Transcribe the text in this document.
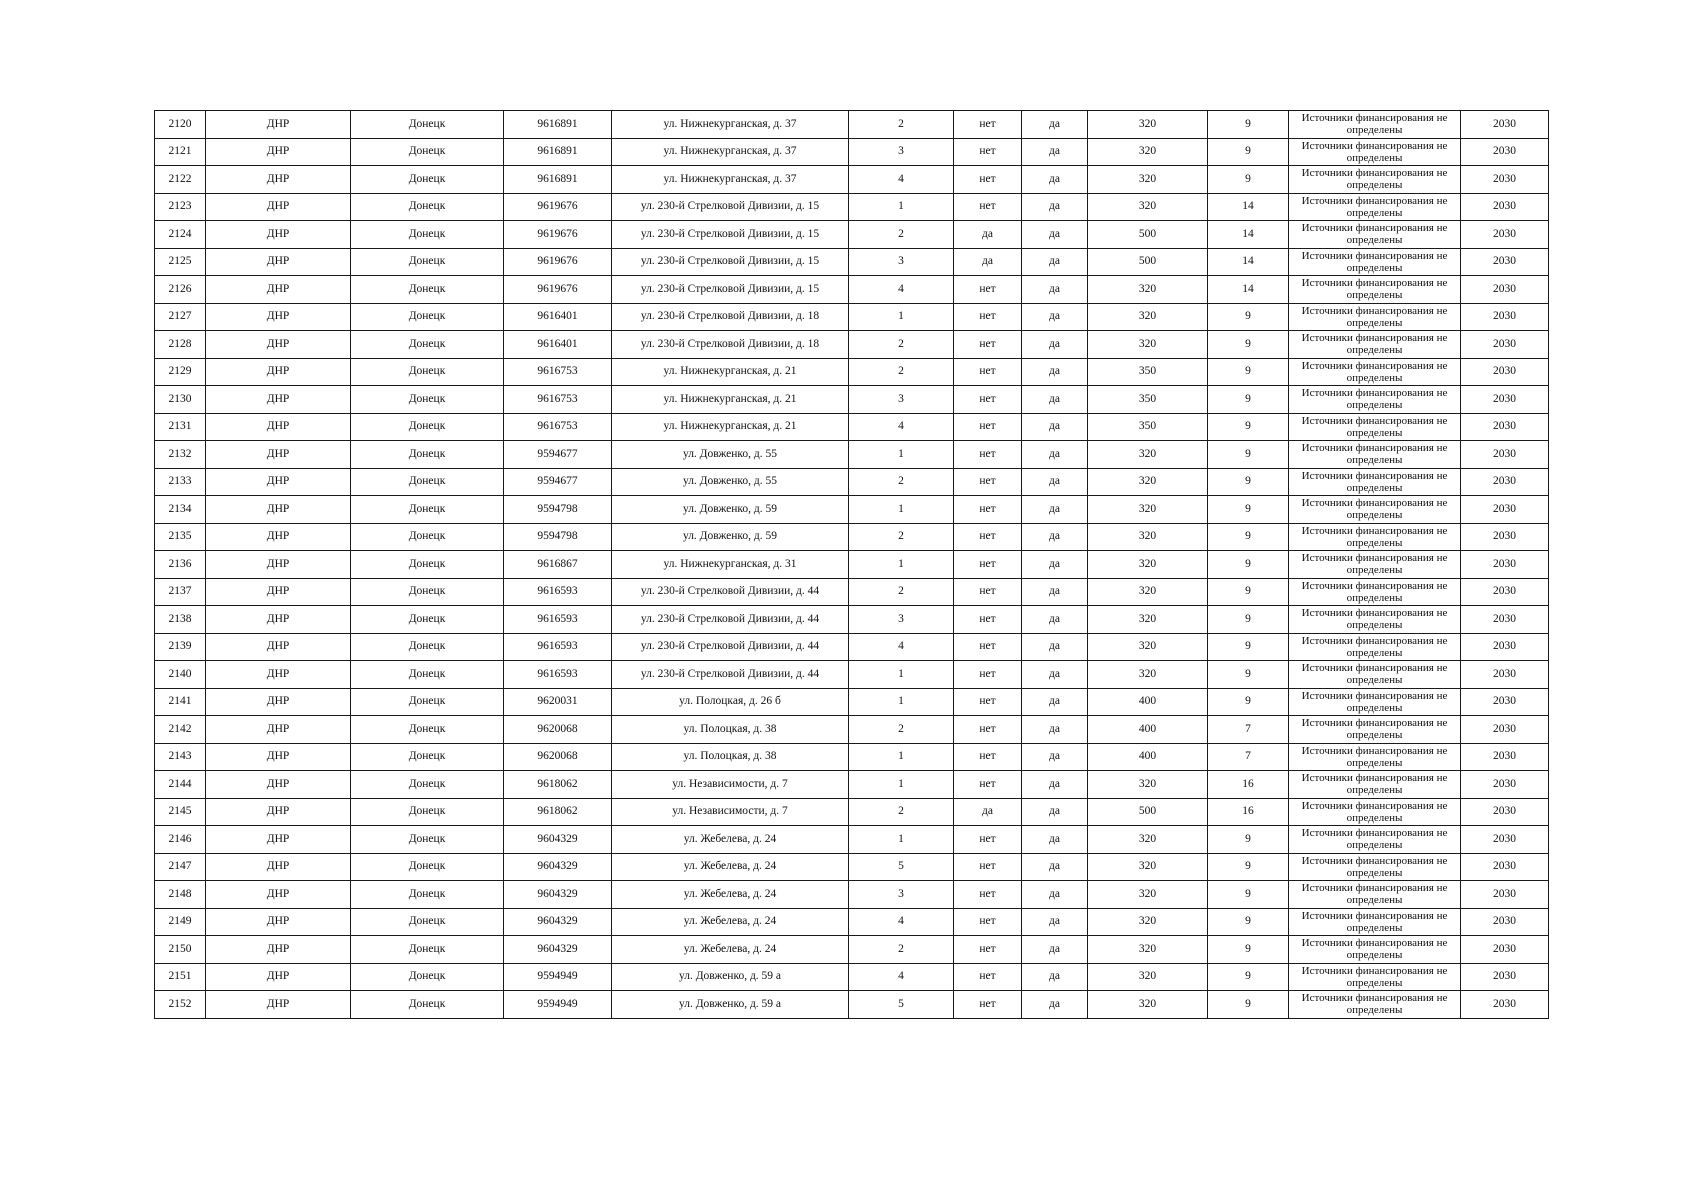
2120	ДНР	Донецк	9616891	ул. Нижнекурганская, д. 37	2	нет	да	320	9	Источники финансирования не определены	2030
2121	ДНР	Донецк	9616891	ул. Нижнекурганская, д. 37	3	нет	да	320	9	Источники финансирования не определены	2030
2122	ДНР	Донецк	9616891	ул. Нижнекурганская, д. 37	4	нет	да	320	9	Источники финансирования не определены	2030
2123	ДНР	Донецк	9619676	ул. 230-й Стрелковой Дивизии, д. 15	1	нет	да	320	14	Источники финансирования не определены	2030
2124	ДНР	Донецк	9619676	ул. 230-й Стрелковой Дивизии, д. 15	2	да	да	500	14	Источники финансирования не определены	2030
2125	ДНР	Донецк	9619676	ул. 230-й Стрелковой Дивизии, д. 15	3	да	да	500	14	Источники финансирования не определены	2030
2126	ДНР	Донецк	9619676	ул. 230-й Стрелковой Дивизии, д. 15	4	нет	да	320	14	Источники финансирования не определены	2030
2127	ДНР	Донецк	9616401	ул. 230-й Стрелковой Дивизии, д. 18	1	нет	да	320	9	Источники финансирования не определены	2030
2128	ДНР	Донецк	9616401	ул. 230-й Стрелковой Дивизии, д. 18	2	нет	да	320	9	Источники финансирования не определены	2030
2129	ДНР	Донецк	9616753	ул. Нижнекурганская, д. 21	2	нет	да	350	9	Источники финансирования не определены	2030
2130	ДНР	Донецк	9616753	ул. Нижнекурганская, д. 21	3	нет	да	350	9	Источники финансирования не определены	2030
2131	ДНР	Донецк	9616753	ул. Нижнекурганская, д. 21	4	нет	да	350	9	Источники финансирования не определены	2030
2132	ДНР	Донецк	9594677	ул. Довженко, д. 55	1	нет	да	320	9	Источники финансирования не определены	2030
2133	ДНР	Донецк	9594677	ул. Довженко, д. 55	2	нет	да	320	9	Источники финансирования не определены	2030
2134	ДНР	Донецк	9594798	ул. Довженко, д. 59	1	нет	да	320	9	Источники финансирования не определены	2030
2135	ДНР	Донецк	9594798	ул. Довженко, д. 59	2	нет	да	320	9	Источники финансирования не определены	2030
2136	ДНР	Донецк	9616867	ул. Нижнекурганская, д. 31	1	нет	да	320	9	Источники финансирования не определены	2030
2137	ДНР	Донецк	9616593	ул. 230-й Стрелковой Дивизии, д. 44	2	нет	да	320	9	Источники финансирования не определены	2030
2138	ДНР	Донецк	9616593	ул. 230-й Стрелковой Дивизии, д. 44	3	нет	да	320	9	Источники финансирования не определены	2030
2139	ДНР	Донецк	9616593	ул. 230-й Стрелковой Дивизии, д. 44	4	нет	да	320	9	Источники финансирования не определены	2030
2140	ДНР	Донецк	9616593	ул. 230-й Стрелковой Дивизии, д. 44	1	нет	да	320	9	Источники финансирования не определены	2030
2141	ДНР	Донецк	9620031	ул. Полоцкая, д. 26 б	1	нет	да	400	9	Источники финансирования не определены	2030
2142	ДНР	Донецк	9620068	ул. Полоцкая, д. 38	2	нет	да	400	7	Источники финансирования не определены	2030
2143	ДНР	Донецк	9620068	ул. Полоцкая, д. 38	1	нет	да	400	7	Источники финансирования не определены	2030
2144	ДНР	Донецк	9618062	ул. Независимости, д. 7	1	нет	да	320	16	Источники финансирования не определены	2030
2145	ДНР	Донецк	9618062	ул. Независимости, д. 7	2	да	да	500	16	Источники финансирования не определены	2030
2146	ДНР	Донецк	9604329	ул. Жебелева, д. 24	1	нет	да	320	9	Источники финансирования не определены	2030
2147	ДНР	Донецк	9604329	ул. Жебелева, д. 24	5	нет	да	320	9	Источники финансирования не определены	2030
2148	ДНР	Донецк	9604329	ул. Жебелева, д. 24	3	нет	да	320	9	Источники финансирования не определены	2030
2149	ДНР	Донецк	9604329	ул. Жебелева, д. 24	4	нет	да	320	9	Источники финансирования не определены	2030
2150	ДНР	Донецк	9604329	ул. Жебелева, д. 24	2	нет	да	320	9	Источники финансирования не определены	2030
2151	ДНР	Донецк	9594949	ул. Довженко, д. 59 а	4	нет	да	320	9	Источники финансирования не определены	2030
2152	ДНР	Донецк	9594949	ул. Довженко, д. 59 а	5	нет	да	320	9	Источники финансирования не определены	2030
